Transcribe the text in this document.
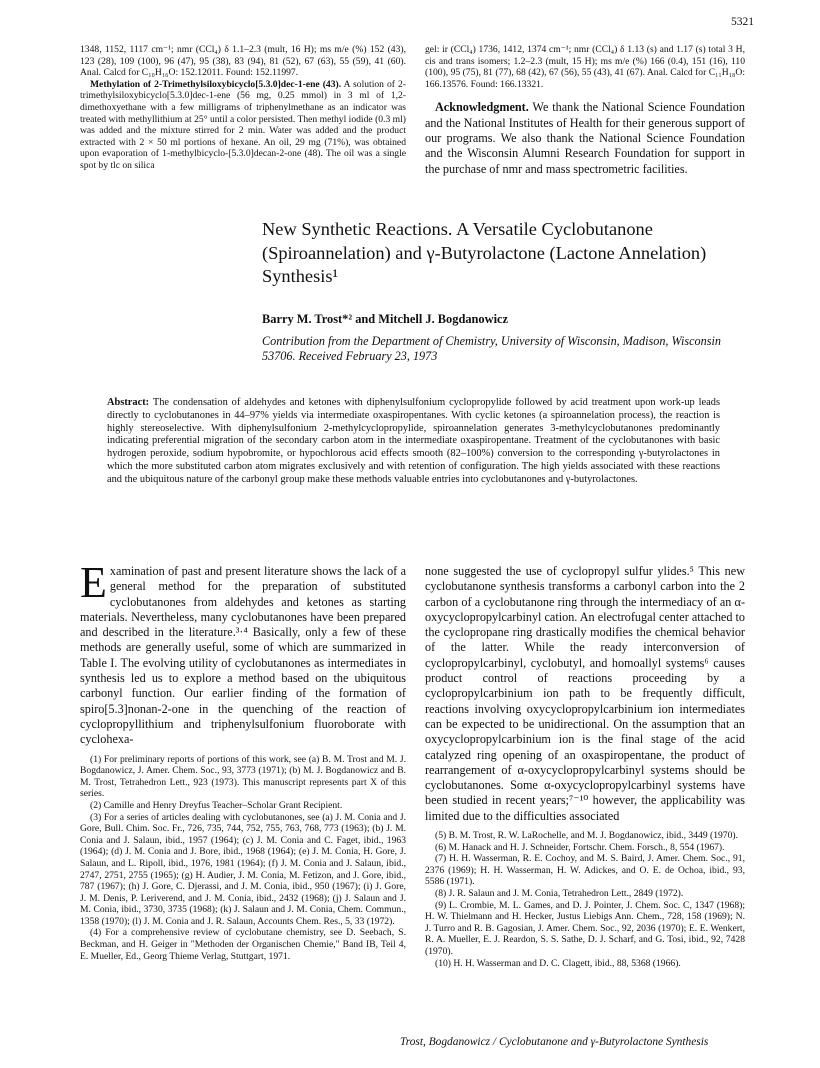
5321

1348, 1152, 1117 cm⁻¹; nmr (CCl₄) δ 1.1–2.3 (mult, 16 H); ms m/e (%) 152 (43), 123 (28), 109 (100), 96 (47), 95 (38), 83 (94), 81 (52), 67 (63), 55 (59), 41 (60). Anal. Calcd for C₁₀H₁₆O: 152.12011. Found: 152.11997.

Methylation of 2-Trimethylsiloxybicyclo[5.3.0]dec-1-ene (43). A solution of 2-trimethylsiloxybicyclo[5.3.0]dec-1-ene (56 mg, 0.25 mmol) in 3 ml of 1,2-dimethoxyethane with a few milligrams of triphenylmethane as an indicator was treated with methyllithium at 25° until a color persisted. Then methyl iodide (0.3 ml) was added and the mixture stirred for 2 min. Water was added and the product extracted with 2 × 50 ml portions of hexane. An oil, 29 mg (71%), was obtained upon evaporation of 1-methylbicyclo-[5.3.0]decan-2-one (48). The oil was a single spot by tlc on silica

gel: ir (CCl₄) 1736, 1412, 1374 cm⁻¹; nmr (CCl₄) δ 1.13 (s) and 1.17 (s) total 3 H, cis and trans isomers; 1.2–2.3 (mult, 15 H); ms m/e (%) 166 (0.4), 151 (16), 110 (100), 95 (75), 81 (77), 68 (42), 67 (56), 55 (43), 41 (67). Anal. Calcd for C₁₁H₁₈O: 166.13576. Found: 166.13321.

Acknowledgment. We thank the National Science Foundation and the National Institutes of Health for their generous support of our programs. We also thank the National Science Foundation and the Wisconsin Alumni Research Foundation for support in the purchase of nmr and mass spectrometric facilities.

New Synthetic Reactions. A Versatile Cyclobutanone (Spiroannelation) and γ-Butyrolactone (Lactone Annelation) Synthesis¹
Barry M. Trost*² and Mitchell J. Bogdanowicz
Contribution from the Department of Chemistry, University of Wisconsin, Madison, Wisconsin 53706. Received February 23, 1973
Abstract: The condensation of aldehydes and ketones with diphenylsulfonium cyclopropylide followed by acid treatment upon work-up leads directly to cyclobutanones in 44–97% yields via intermediate oxaspiropentanes. With cyclic ketones (a spiroannelation process), the reaction is highly stereoselective. With diphenylsulfonium 2-methylcyclopropylide, spiroannelation generates 3-methylcyclobutanones predominantly indicating preferential migration of the secondary carbon atom in the intermediate oxaspiropentane. Treatment of the cyclobutanones with basic hydrogen peroxide, sodium hypobromite, or hypochlorous acid effects smooth (82–100%) conversion to the corresponding γ-butyrolactones in which the more substituted carbon atom migrates exclusively and with retention of configuration. The high yields associated with these reactions and the ubiquitous nature of the carbonyl group make these methods valuable entries into cyclobutanones and γ-butyrolactones.

Examination of past and present literature shows the lack of a general method for the preparation of substituted cyclobutanones from aldehydes and ketones as starting materials. Nevertheless, many cyclobutanones have been prepared and described in the literature.³·⁴ Basically, only a few of these methods are generally useful, some of which are summarized in Table I. The evolving utility of cyclobutanones as intermediates in synthesis led us to explore a method based on the ubiquitous carbonyl function. Our earlier finding of the formation of spiro[5.3]nonan-2-one in the quenching of the reaction of cyclopropyllithium and triphenylsulfonium fluoroborate with cyclohexa-

(1) For preliminary reports of portions of this work, see (a) B. M. Trost and M. J. Bogdanowicz, J. Amer. Chem. Soc., 93, 3773 (1971); (b) M. J. Bogdanowicz and B. M. Trost, Tetrahedron Lett., 923 (1973). This manuscript represents part X of this series.

(2) Camille and Henry Dreyfus Teacher–Scholar Grant Recipient.

(3) For a series of articles dealing with cyclobutanones, see (a) J. M. Conia and J. Gore, Bull. Chim. Soc. Fr., 726, 735, 744, 752, 755, 763, 768, 773 (1963); (b) J. M. Conia and J. Salaun, ibid., 1957 (1964); (c) J. M. Conia and C. Faget, ibid., 1963 (1964); (d) J. M. Conia and J. Bore, ibid., 1968 (1964); (e) J. M. Conia, H. Gore, J. Salaun, and L. Ripoll, ibid., 1976, 1981 (1964); (f) J. M. Conia and J. Salaun, ibid., 2747, 2751, 2755 (1965); (g) H. Audier, J. M. Conia, M. Fetizon, and J. Gore, ibid., 787 (1967); (h) J. Gore, C. Djerassi, and J. M. Conia, ibid., 950 (1967); (i) J. Gore, J. M. Denis, P. Leriverend, and J. M. Conia, ibid., 2432 (1968); (j) J. Salaun and J. M. Conia, ibid., 3730, 3735 (1968); (k) J. Salaun and J. M. Conia, Chem. Commun., 1358 (1970); (l) J. M. Conia and J. R. Salaun, Accounts Chem. Res., 5, 33 (1972).

(4) For a comprehensive review of cyclobutane chemistry, see D. Seebach, S. Beckman, and H. Geiger in "Methoden der Organischen Chemie," Band IB, Teil 4, E. Mueller, Ed., Georg Thieme Verlag, Stuttgart, 1971.

none suggested the use of cyclopropyl sulfur ylides.⁵ This new cyclobutanone synthesis transforms a carbonyl carbon into the 2 carbon of a cyclobutanone ring through the intermediacy of an α-oxycyclopropylcarbinyl cation. An electrofugal center attached to the cyclopropane ring drastically modifies the chemical behavior of the latter. While the ready interconversion of cyclopropylcarbinyl, cyclobutyl, and homoallyl systems⁶ causes product control of reactions proceeding by a cyclopropylcarbinium ion path to be frequently difficult, reactions involving oxycyclopropylcarbinium ion intermediates can be expected to be unidirectional. On the assumption that an oxycyclopropylcarbinium ion is the final stage of the acid catalyzed ring opening of an oxaspiropentane, the product of rearrangement of α-oxycyclopropylcarbinyl systems should be cyclobutanones. Some α-oxycyclopropylcarbinyl systems have been studied in recent years;⁷⁻¹⁰ however, the applicability was limited due to the difficulties associated

(5) B. M. Trost, R. W. LaRochelle, and M. J. Bogdanowicz, ibid., 3449 (1970).

(6) M. Hanack and H. J. Schneider, Fortschr. Chem. Forsch., 8, 554 (1967).

(7) H. H. Wasserman, R. E. Cochoy, and M. S. Baird, J. Amer. Chem. Soc., 91, 2376 (1969); H. H. Wasserman, H. W. Adickes, and O. E. de Ochoa, ibid., 93, 5586 (1971).

(8) J. R. Salaun and J. M. Conia, Tetrahedron Lett., 2849 (1972).

(9) L. Crombie, M. L. Games, and D. J. Pointer, J. Chem. Soc. C, 1347 (1968); H. W. Thielmann and H. Hecker, Justus Liebigs Ann. Chem., 728, 158 (1969); N. J. Turro and R. B. Gagosian, J. Amer. Chem. Soc., 92, 2036 (1970); E. E. Wenkert, R. A. Mueller, E. J. Reardon, S. S. Sathe, D. J. Scharf, and G. Tosi, ibid., 92, 7428 (1970).

(10) H. H. Wasserman and D. C. Clagett, ibid., 88, 5368 (1966).

Trost, Bogdanowicz / Cyclobutanone and γ-Butyrolactone Synthesis
